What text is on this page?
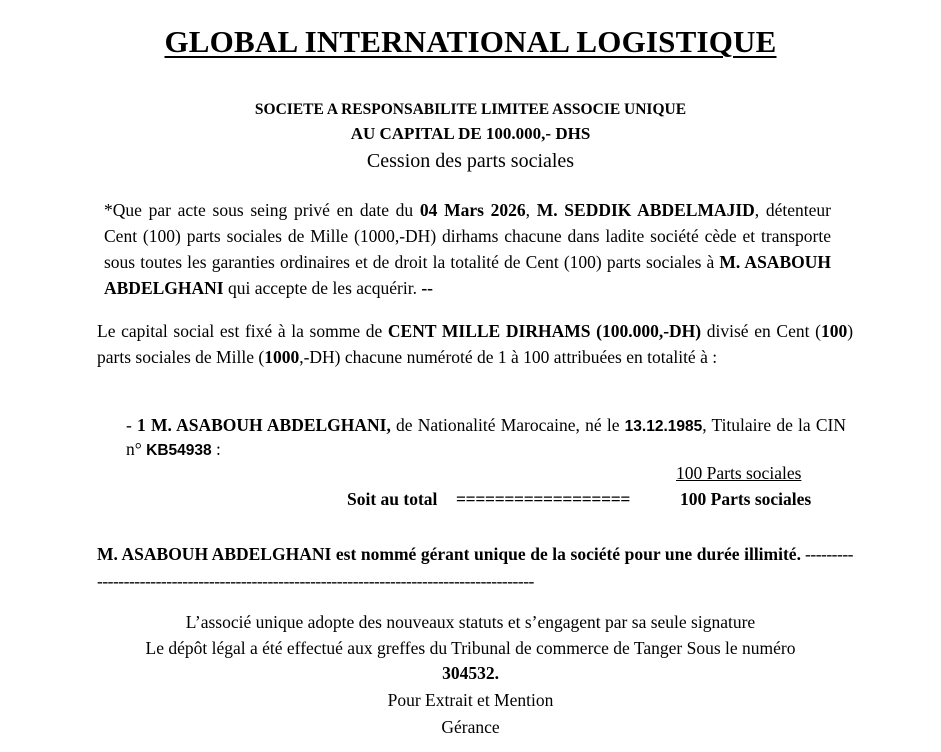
GLOBAL INTERNATIONAL LOGISTIQUE
SOCIETE A RESPONSABILITE LIMITEE ASSOCIE UNIQUE
AU CAPITAL DE 100.000,- DHS
Cession des parts sociales

*Que par acte sous seing privé en date du 04 Mars 2026, M. SEDDIK ABDELMAJID, détenteur Cent (100) parts sociales de Mille (1000,-DH) dirhams chacune dans ladite société cède et transporte sous toutes les garanties ordinaires et de droit la totalité de Cent (100) parts sociales à M. ASABOUH ABDELGHANI qui accepte de les acquérir. --

Le capital social est fixé à la somme de CENT MILLE DIRHAMS (100.000,-DH) divisé en Cent (100) parts sociales de Mille (1000,-DH) chacune numéroté de 1 à 100 attribuées en totalité à :

- 1 M. ASABOUH ABDELGHANI, de Nationalité Marocaine, né le 13.12.1985, Titulaire de la CIN n° KB54938 :

100 Parts sociales
Soit au total ==================	100 Parts sociales

M. ASABOUH ABDELGHANI est nommé gérant unique de la société pour une durée illimité. -------------------------------------------------------------------------------------------

L’associé unique adopte des nouveaux statuts et s’engagent par sa seule signature
Le dépôt légal a été effectué aux greffes du Tribunal de commerce de Tanger Sous le numéro
304532.
Pour Extrait et Mention
Gérance
